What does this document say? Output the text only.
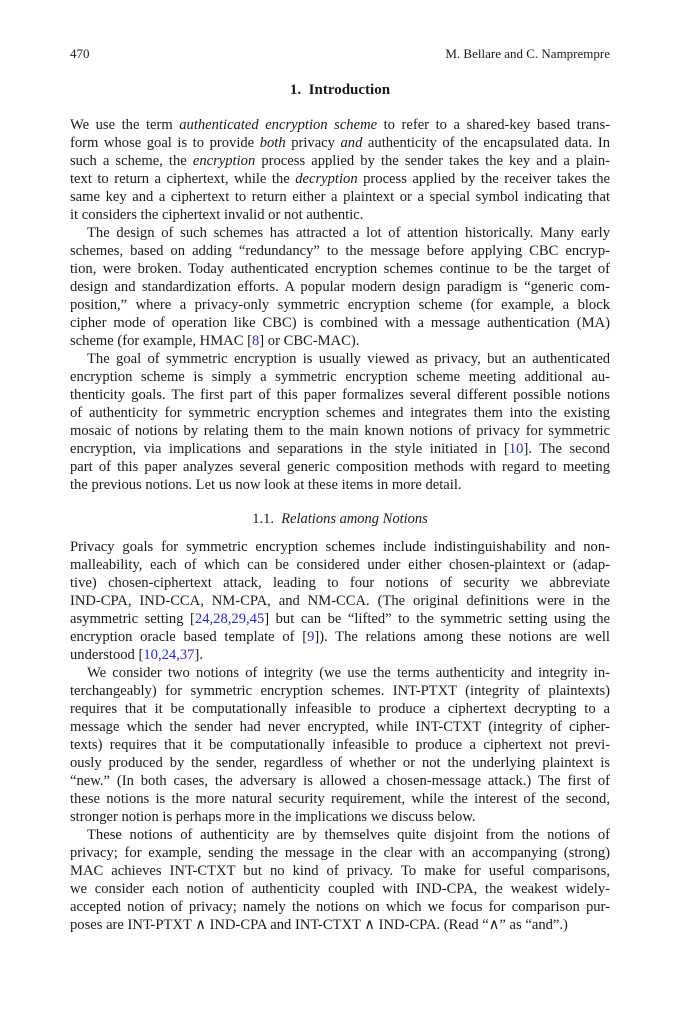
470	M. Bellare and C. Namprempre
1. Introduction
We use the term authenticated encryption scheme to refer to a shared-key based trans-
form whose goal is to provide both privacy and authenticity of the encapsulated data. In
such a scheme, the encryption process applied by the sender takes the key and a plain-
text to return a ciphertext, while the decryption process applied by the receiver takes the
same key and a ciphertext to return either a plaintext or a special symbol indicating that
it considers the ciphertext invalid or not authentic.
The design of such schemes has attracted a lot of attention historically. Many early
schemes, based on adding “redundancy” to the message before applying CBC encryp-
tion, were broken. Today authenticated encryption schemes continue to be the target of
design and standardization efforts. A popular modern design paradigm is “generic com-
position,” where a privacy-only symmetric encryption scheme (for example, a block
cipher mode of operation like CBC) is combined with a message authentication (MA)
scheme (for example, HMAC [8] or CBC-MAC).
The goal of symmetric encryption is usually viewed as privacy, but an authenticated
encryption scheme is simply a symmetric encryption scheme meeting additional au-
thenticity goals. The first part of this paper formalizes several different possible notions
of authenticity for symmetric encryption schemes and integrates them into the existing
mosaic of notions by relating them to the main known notions of privacy for symmetric
encryption, via implications and separations in the style initiated in [10]. The second
part of this paper analyzes several generic composition methods with regard to meeting
the previous notions. Let us now look at these items in more detail.
1.1. Relations among Notions
Privacy goals for symmetric encryption schemes include indistinguishability and non-
malleability, each of which can be considered under either chosen-plaintext or (adap-
tive) chosen-ciphertext attack, leading to four notions of security we abbreviate
IND-CPA, IND-CCA, NM-CPA, and NM-CCA. (The original definitions were in the
asymmetric setting [24,28,29,45] but can be “lifted” to the symmetric setting using the
encryption oracle based template of [9]). The relations among these notions are well
understood [10,24,37].
We consider two notions of integrity (we use the terms authenticity and integrity in-
terchangeably) for symmetric encryption schemes. INT-PTXT (integrity of plaintexts)
requires that it be computationally infeasible to produce a ciphertext decrypting to a
message which the sender had never encrypted, while INT-CTXT (integrity of cipher-
texts) requires that it be computationally infeasible to produce a ciphertext not previ-
ously produced by the sender, regardless of whether or not the underlying plaintext is
“new.” (In both cases, the adversary is allowed a chosen-message attack.) The first of
these notions is the more natural security requirement, while the interest of the second,
stronger notion is perhaps more in the implications we discuss below.
These notions of authenticity are by themselves quite disjoint from the notions of
privacy; for example, sending the message in the clear with an accompanying (strong)
MAC achieves INT-CTXT but no kind of privacy. To make for useful comparisons,
we consider each notion of authenticity coupled with IND-CPA, the weakest widely-
accepted notion of privacy; namely the notions on which we focus for comparison pur-
poses are INT-PTXT ∧ IND-CPA and INT-CTXT ∧ IND-CPA. (Read “∧” as “and”.)
